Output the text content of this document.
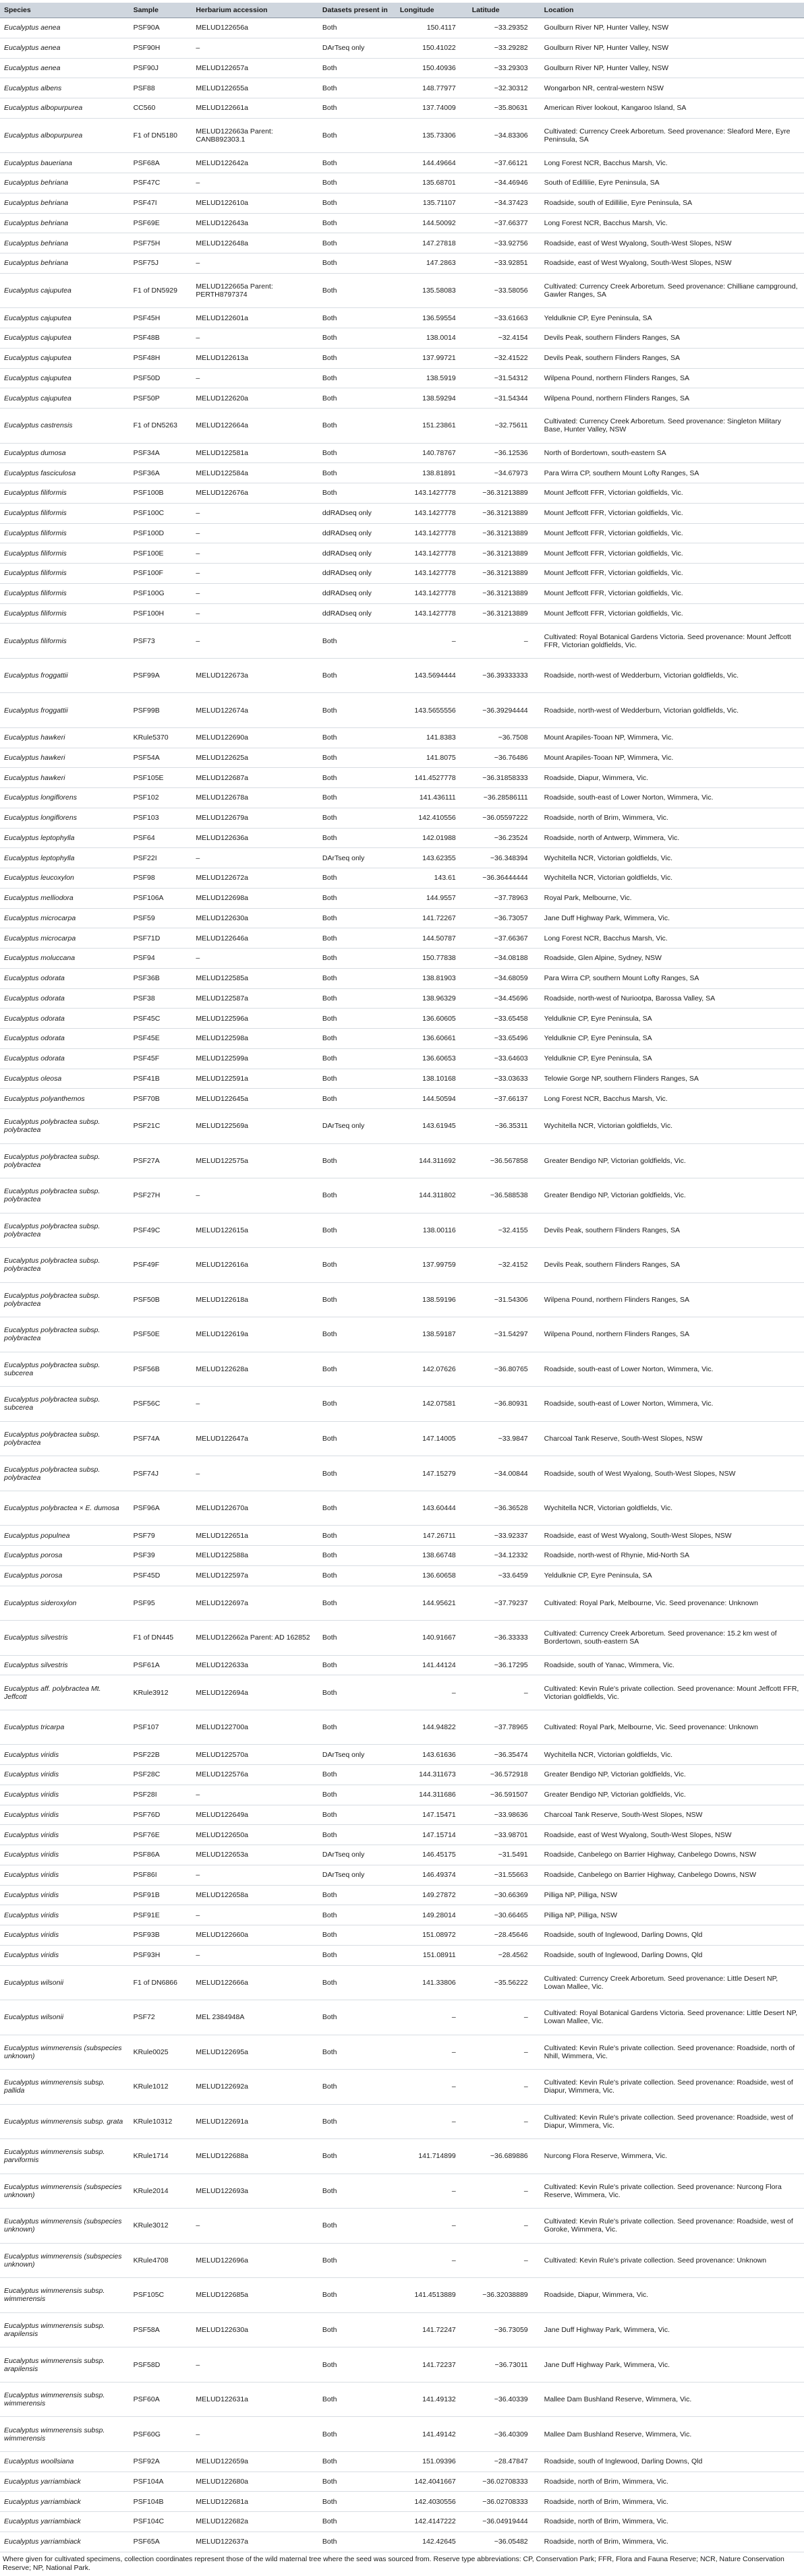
Species	Sample	Herbarium accession	Datasets present in	Longitude	Latitude	Location
Eucalyptus aenea	PSF90A	MELUD122656a	Both	150.4117	−33.29352	Goulburn River NP, Hunter Valley, NSW
Eucalyptus aenea	PSF90H	–	DArTseq only	150.41022	−33.29282	Goulburn River NP, Hunter Valley, NSW
Eucalyptus aenea	PSF90J	MELUD122657a	Both	150.40936	−33.29303	Goulburn River NP, Hunter Valley, NSW
Eucalyptus albens	PSF88	MELUD122655a	Both	148.77977	−32.30312	Wongarbon NR, central-western NSW
Eucalyptus albopurpurea	CC560	MELUD122661a	Both	137.74009	−35.80631	American River lookout, Kangaroo Island, SA
Eucalyptus albopurpurea	F1 of DN5180	MELUD122663a Parent: CANB892303.1	Both	135.73306	−34.83306	Cultivated: Currency Creek Arboretum. Seed provenance: Sleaford Mere, Eyre Peninsula, SA
Eucalyptus baueriana	PSF68A	MELUD122642a	Both	144.49664	−37.66121	Long Forest NCR, Bacchus Marsh, Vic.
Eucalyptus behriana	PSF47C	–	Both	135.68701	−34.46946	South of Edillilie, Eyre Peninsula, SA
Eucalyptus behriana	PSF47I	MELUD122610a	Both	135.71107	−34.37423	Roadside, south of Edillilie, Eyre Peninsula, SA
Eucalyptus behriana	PSF69E	MELUD122643a	Both	144.50092	−37.66377	Long Forest NCR, Bacchus Marsh, Vic.
Eucalyptus behriana	PSF75H	MELUD122648a	Both	147.27818	−33.92756	Roadside, east of West Wyalong, South-West Slopes, NSW
Eucalyptus behriana	PSF75J	–	Both	147.2863	−33.92851	Roadside, east of West Wyalong, South-West Slopes, NSW
Eucalyptus cajuputea	F1 of DN5929	MELUD122665a Parent: PERTH8797374	Both	135.58083	−33.58056	Cultivated: Currency Creek Arboretum. Seed provenance: Chilliane campground, Gawler Ranges, SA
Eucalyptus cajuputea	PSF45H	MELUD122601a	Both	136.59554	−33.61663	Yeldulknie CP, Eyre Peninsula, SA
Eucalyptus cajuputea	PSF48B	–	Both	138.0014	−32.4154	Devils Peak, southern Flinders Ranges, SA
Eucalyptus cajuputea	PSF48H	MELUD122613a	Both	137.99721	−32.41522	Devils Peak, southern Flinders Ranges, SA
Eucalyptus cajuputea	PSF50D	–	Both	138.5919	−31.54312	Wilpena Pound, northern Flinders Ranges, SA
Eucalyptus cajuputea	PSF50P	MELUD122620a	Both	138.59294	−31.54344	Wilpena Pound, northern Flinders Ranges, SA
Eucalyptus castrensis	F1 of DN5263	MELUD122664a	Both	151.23861	−32.75611	Cultivated: Currency Creek Arboretum. Seed provenance: Singleton Military Base, Hunter Valley, NSW
Eucalyptus dumosa	PSF34A	MELUD122581a	Both	140.78767	−36.12536	North of Bordertown, south-eastern SA
Eucalyptus fasciculosa	PSF36A	MELUD122584a	Both	138.81891	−34.67973	Para Wirra CP, southern Mount Lofty Ranges, SA
Eucalyptus filiformis	PSF100B	MELUD122676a	Both	143.1427778	−36.31213889	Mount Jeffcott FFR, Victorian goldfields, Vic.
Eucalyptus filiformis	PSF100C	–	ddRADseq only	143.1427778	−36.31213889	Mount Jeffcott FFR, Victorian goldfields, Vic.
Eucalyptus filiformis	PSF100D	–	ddRADseq only	143.1427778	−36.31213889	Mount Jeffcott FFR, Victorian goldfields, Vic.
Eucalyptus filiformis	PSF100E	–	ddRADseq only	143.1427778	−36.31213889	Mount Jeffcott FFR, Victorian goldfields, Vic.
Eucalyptus filiformis	PSF100F	–	ddRADseq only	143.1427778	−36.31213889	Mount Jeffcott FFR, Victorian goldfields, Vic.
Eucalyptus filiformis	PSF100G	–	ddRADseq only	143.1427778	−36.31213889	Mount Jeffcott FFR, Victorian goldfields, Vic.
Eucalyptus filiformis	PSF100H	–	ddRADseq only	143.1427778	−36.31213889	Mount Jeffcott FFR, Victorian goldfields, Vic.
Eucalyptus filiformis	PSF73	–	Both	–	–	Cultivated: Royal Botanical Gardens Victoria. Seed provenance: Mount Jeffcott FFR, Victorian goldfields, Vic.
Eucalyptus froggattii	PSF99A	MELUD122673a	Both	143.5694444	−36.39333333	Roadside, north-west of Wedderburn, Victorian goldfields, Vic.
Eucalyptus froggattii	PSF99B	MELUD122674a	Both	143.5655556	−36.39294444	Roadside, north-west of Wedderburn, Victorian goldfields, Vic.
Eucalyptus hawkeri	KRule5370	MELUD122690a	Both	141.8383	−36.7508	Mount Arapiles-Tooan NP, Wimmera, Vic.
Eucalyptus hawkeri	PSF54A	MELUD122625a	Both	141.8075	−36.76486	Mount Arapiles-Tooan NP, Wimmera, Vic.
Eucalyptus hawkeri	PSF105E	MELUD122687a	Both	141.4527778	−36.31858333	Roadside, Diapur, Wimmera, Vic.
Eucalyptus longiflorens	PSF102	MELUD122678a	Both	141.436111	−36.28586111	Roadside, south-east of Lower Norton, Wimmera, Vic.
Eucalyptus longiflorens	PSF103	MELUD122679a	Both	142.410556	−36.05597222	Roadside, north of Brim, Wimmera, Vic.
Eucalyptus leptophylla	PSF64	MELUD122636a	Both	142.01988	−36.23524	Roadside, north of Antwerp, Wimmera, Vic.
Eucalyptus leptophylla	PSF22I	–	DArTseq only	143.62355	−36.348394	Wychitella NCR, Victorian goldfields, Vic.
Eucalyptus leucoxylon	PSF98	MELUD122672a	Both	143.61	−36.36444444	Wychitella NCR, Victorian goldfields, Vic.
Eucalyptus melliodora	PSF106A	MELUD122698a	Both	144.9557	−37.78963	Royal Park, Melbourne, Vic.
Eucalyptus microcarpa	PSF59	MELUD122630a	Both	141.72267	−36.73057	Jane Duff Highway Park, Wimmera, Vic.
Eucalyptus microcarpa	PSF71D	MELUD122646a	Both	144.50787	−37.66367	Long Forest NCR, Bacchus Marsh, Vic.
Eucalyptus moluccana	PSF94	–	Both	150.77838	−34.08188	Roadside, Glen Alpine, Sydney, NSW
Eucalyptus odorata	PSF36B	MELUD122585a	Both	138.81903	−34.68059	Para Wirra CP, southern Mount Lofty Ranges, SA
Eucalyptus odorata	PSF38	MELUD122587a	Both	138.96329	−34.45696	Roadside, north-west of Nuriootpa, Barossa Valley, SA
Eucalyptus odorata	PSF45C	MELUD122596a	Both	136.60605	−33.65458	Yeldulknie CP, Eyre Peninsula, SA
Eucalyptus odorata	PSF45E	MELUD122598a	Both	136.60661	−33.65496	Yeldulknie CP, Eyre Peninsula, SA
Eucalyptus odorata	PSF45F	MELUD122599a	Both	136.60653	−33.64603	Yeldulknie CP, Eyre Peninsula, SA
Eucalyptus oleosa	PSF41B	MELUD122591a	Both	138.10168	−33.03633	Telowie Gorge NP, southern Flinders Ranges, SA
Eucalyptus polyanthemos	PSF70B	MELUD122645a	Both	144.50594	−37.66137	Long Forest NCR, Bacchus Marsh, Vic.
Eucalyptus polybractea subsp. polybractea	PSF21C	MELUD122569a	DArTseq only	143.61945	−36.35311	Wychitella NCR, Victorian goldfields, Vic.
Eucalyptus polybractea subsp. polybractea	PSF27A	MELUD122575a	Both	144.311692	−36.567858	Greater Bendigo NP, Victorian goldfields, Vic.
Eucalyptus polybractea subsp. polybractea	PSF27H	–	Both	144.311802	−36.588538	Greater Bendigo NP, Victorian goldfields, Vic.
Eucalyptus polybractea subsp. polybractea	PSF49C	MELUD122615a	Both	138.00116	−32.4155	Devils Peak, southern Flinders Ranges, SA
Eucalyptus polybractea subsp. polybractea	PSF49F	MELUD122616a	Both	137.99759	−32.4152	Devils Peak, southern Flinders Ranges, SA
Eucalyptus polybractea subsp. polybractea	PSF50B	MELUD122618a	Both	138.59196	−31.54306	Wilpena Pound, northern Flinders Ranges, SA
Eucalyptus polybractea subsp. polybractea	PSF50E	MELUD122619a	Both	138.59187	−31.54297	Wilpena Pound, northern Flinders Ranges, SA
Eucalyptus polybractea subsp. subcerea	PSF56B	MELUD122628a	Both	142.07626	−36.80765	Roadside, south-east of Lower Norton, Wimmera, Vic.
Eucalyptus polybractea subsp. subcerea	PSF56C	–	Both	142.07581	−36.80931	Roadside, south-east of Lower Norton, Wimmera, Vic.
Eucalyptus polybractea subsp. polybractea	PSF74A	MELUD122647a	Both	147.14005	−33.9847	Charcoal Tank Reserve, South-West Slopes, NSW
Eucalyptus polybractea subsp. polybractea	PSF74J	–	Both	147.15279	−34.00844	Roadside, south of West Wyalong, South-West Slopes, NSW
Eucalyptus polybractea × E. dumosa	PSF96A	MELUD122670a	Both	143.60444	−36.36528	Wychitella NCR, Victorian goldfields, Vic.
Eucalyptus populnea	PSF79	MELUD122651a	Both	147.26711	−33.92337	Roadside, east of West Wyalong, South-West Slopes, NSW
Eucalyptus porosa	PSF39	MELUD122588a	Both	138.66748	−34.12332	Roadside, north-west of Rhynie, Mid-North SA
Eucalyptus porosa	PSF45D	MELUD122597a	Both	136.60658	−33.6459	Yeldulknie CP, Eyre Peninsula, SA
Eucalyptus sideroxylon	PSF95	MELUD122697a	Both	144.95621	−37.79237	Cultivated: Royal Park, Melbourne, Vic. Seed provenance: Unknown
Eucalyptus silvestris	F1 of DN445	MELUD122662a Parent: AD 162852	Both	140.91667	−36.33333	Cultivated: Currency Creek Arboretum. Seed provenance: 15.2 km west of Bordertown, south-eastern SA
Eucalyptus silvestris	PSF61A	MELUD122633a	Both	141.44124	−36.17295	Roadside, south of Yanac, Wimmera, Vic.
Eucalyptus aff. polybractea Mt. Jeffcott	KRule3912	MELUD122694a	Both	–	–	Cultivated: Kevin Rule's private collection. Seed provenance: Mount Jeffcott FFR, Victorian goldfields, Vic.
Eucalyptus tricarpa	PSF107	MELUD122700a	Both	144.94822	−37.78965	Cultivated: Royal Park, Melbourne, Vic. Seed provenance: Unknown
Eucalyptus viridis	PSF22B	MELUD122570a	DArTseq only	143.61636	−36.35474	Wychitella NCR, Victorian goldfields, Vic.
Eucalyptus viridis	PSF28C	MELUD122576a	Both	144.311673	−36.572918	Greater Bendigo NP, Victorian goldfields, Vic.
Eucalyptus viridis	PSF28I	–	Both	144.311686	−36.591507	Greater Bendigo NP, Victorian goldfields, Vic.
Eucalyptus viridis	PSF76D	MELUD122649a	Both	147.15471	−33.98636	Charcoal Tank Reserve, South-West Slopes, NSW
Eucalyptus viridis	PSF76E	MELUD122650a	Both	147.15714	−33.98701	Roadside, east of West Wyalong, South-West Slopes, NSW
Eucalyptus viridis	PSF86A	MELUD122653a	DArTseq only	146.45175	−31.5491	Roadside, Canbelego on Barrier Highway, Canbelego Downs, NSW
Eucalyptus viridis	PSF86I	–	DArTseq only	146.49374	−31.55663	Roadside, Canbelego on Barrier Highway, Canbelego Downs, NSW
Eucalyptus viridis	PSF91B	MELUD122658a	Both	149.27872	−30.66369	Pilliga NP, Pilliga, NSW
Eucalyptus viridis	PSF91E	–	Both	149.28014	−30.66465	Pilliga NP, Pilliga, NSW
Eucalyptus viridis	PSF93B	MELUD122660a	Both	151.08972	−28.45646	Roadside, south of Inglewood, Darling Downs, Qld
Eucalyptus viridis	PSF93H	–	Both	151.08911	−28.4562	Roadside, south of Inglewood, Darling Downs, Qld
Eucalyptus wilsonii	F1 of DN6866	MELUD122666a	Both	141.33806	−35.56222	Cultivated: Currency Creek Arboretum. Seed provenance: Little Desert NP, Lowan Mallee, Vic.
Eucalyptus wilsonii	PSF72	MEL 2384948A	Both	–	–	Cultivated: Royal Botanical Gardens Victoria. Seed provenance: Little Desert NP, Lowan Mallee, Vic.
Eucalyptus wimmerensis (subspecies unknown)	KRule0025	MELUD122695a	Both	–	–	Cultivated: Kevin Rule's private collection. Seed provenance: Roadside, north of Nhill, Wimmera, Vic.
Eucalyptus wimmerensis subsp. pallida	KRule1012	MELUD122692a	Both	–	–	Cultivated: Kevin Rule's private collection. Seed provenance: Roadside, west of Diapur, Wimmera, Vic.
Eucalyptus wimmerensis subsp. grata	KRule10312	MELUD122691a	Both	–	–	Cultivated: Kevin Rule's private collection. Seed provenance: Roadside, west of Diapur, Wimmera, Vic.
Eucalyptus wimmerensis subsp. parviformis	KRule1714	MELUD122688a	Both	141.714899	−36.689886	Nurcong Flora Reserve, Wimmera, Vic.
Eucalyptus wimmerensis (subspecies unknown)	KRule2014	MELUD122693a	Both	–	–	Cultivated: Kevin Rule's private collection. Seed provenance: Nurcong Flora Reserve, Wimmera, Vic.
Eucalyptus wimmerensis (subspecies unknown)	KRule3012	–	Both	–	–	Cultivated: Kevin Rule's private collection. Seed provenance: Roadside, west of Goroke, Wimmera, Vic.
Eucalyptus wimmerensis (subspecies unknown)	KRule4708	MELUD122696a	Both	–	–	Cultivated: Kevin Rule's private collection. Seed provenance: Unknown
Eucalyptus wimmerensis subsp. wimmerensis	PSF105C	MELUD122685a	Both	141.4513889	−36.32038889	Roadside, Diapur, Wimmera, Vic.
Eucalyptus wimmerensis subsp. arapilensis	PSF58A	MELUD122630a	Both	141.72247	−36.73059	Jane Duff Highway Park, Wimmera, Vic.
Eucalyptus wimmerensis subsp. arapilensis	PSF58D	–	Both	141.72237	−36.73011	Jane Duff Highway Park, Wimmera, Vic.
Eucalyptus wimmerensis subsp. wimmerensis	PSF60A	MELUD122631a	Both	141.49132	−36.40339	Mallee Dam Bushland Reserve, Wimmera, Vic.
Eucalyptus wimmerensis subsp. wimmerensis	PSF60G	–	Both	141.49142	−36.40309	Mallee Dam Bushland Reserve, Wimmera, Vic.
Eucalyptus woollsiana	PSF92A	MELUD122659a	Both	151.09396	−28.47847	Roadside, south of Inglewood, Darling Downs, Qld
Eucalyptus yarriambiack	PSF104A	MELUD122680a	Both	142.4041667	−36.02708333	Roadside, north of Brim, Wimmera, Vic.
Eucalyptus yarriambiack	PSF104B	MELUD122681a	Both	142.4030556	−36.02708333	Roadside, north of Brim, Wimmera, Vic.
Eucalyptus yarriambiack	PSF104C	MELUD122682a	Both	142.4147222	−36.04919444	Roadside, north of Brim, Wimmera, Vic.
Eucalyptus yarriambiack	PSF65A	MELUD122637a	Both	142.42645	−36.05482	Roadside, north of Brim, Wimmera, Vic.
Where given for cultivated specimens, collection coordinates represent those of the wild maternal tree where the seed was sourced from. Reserve type abbreviations: CP, Conservation Park; FFR, Flora and Fauna Reserve; NCR, Nature Conservation Reserve; NP, National Park.
